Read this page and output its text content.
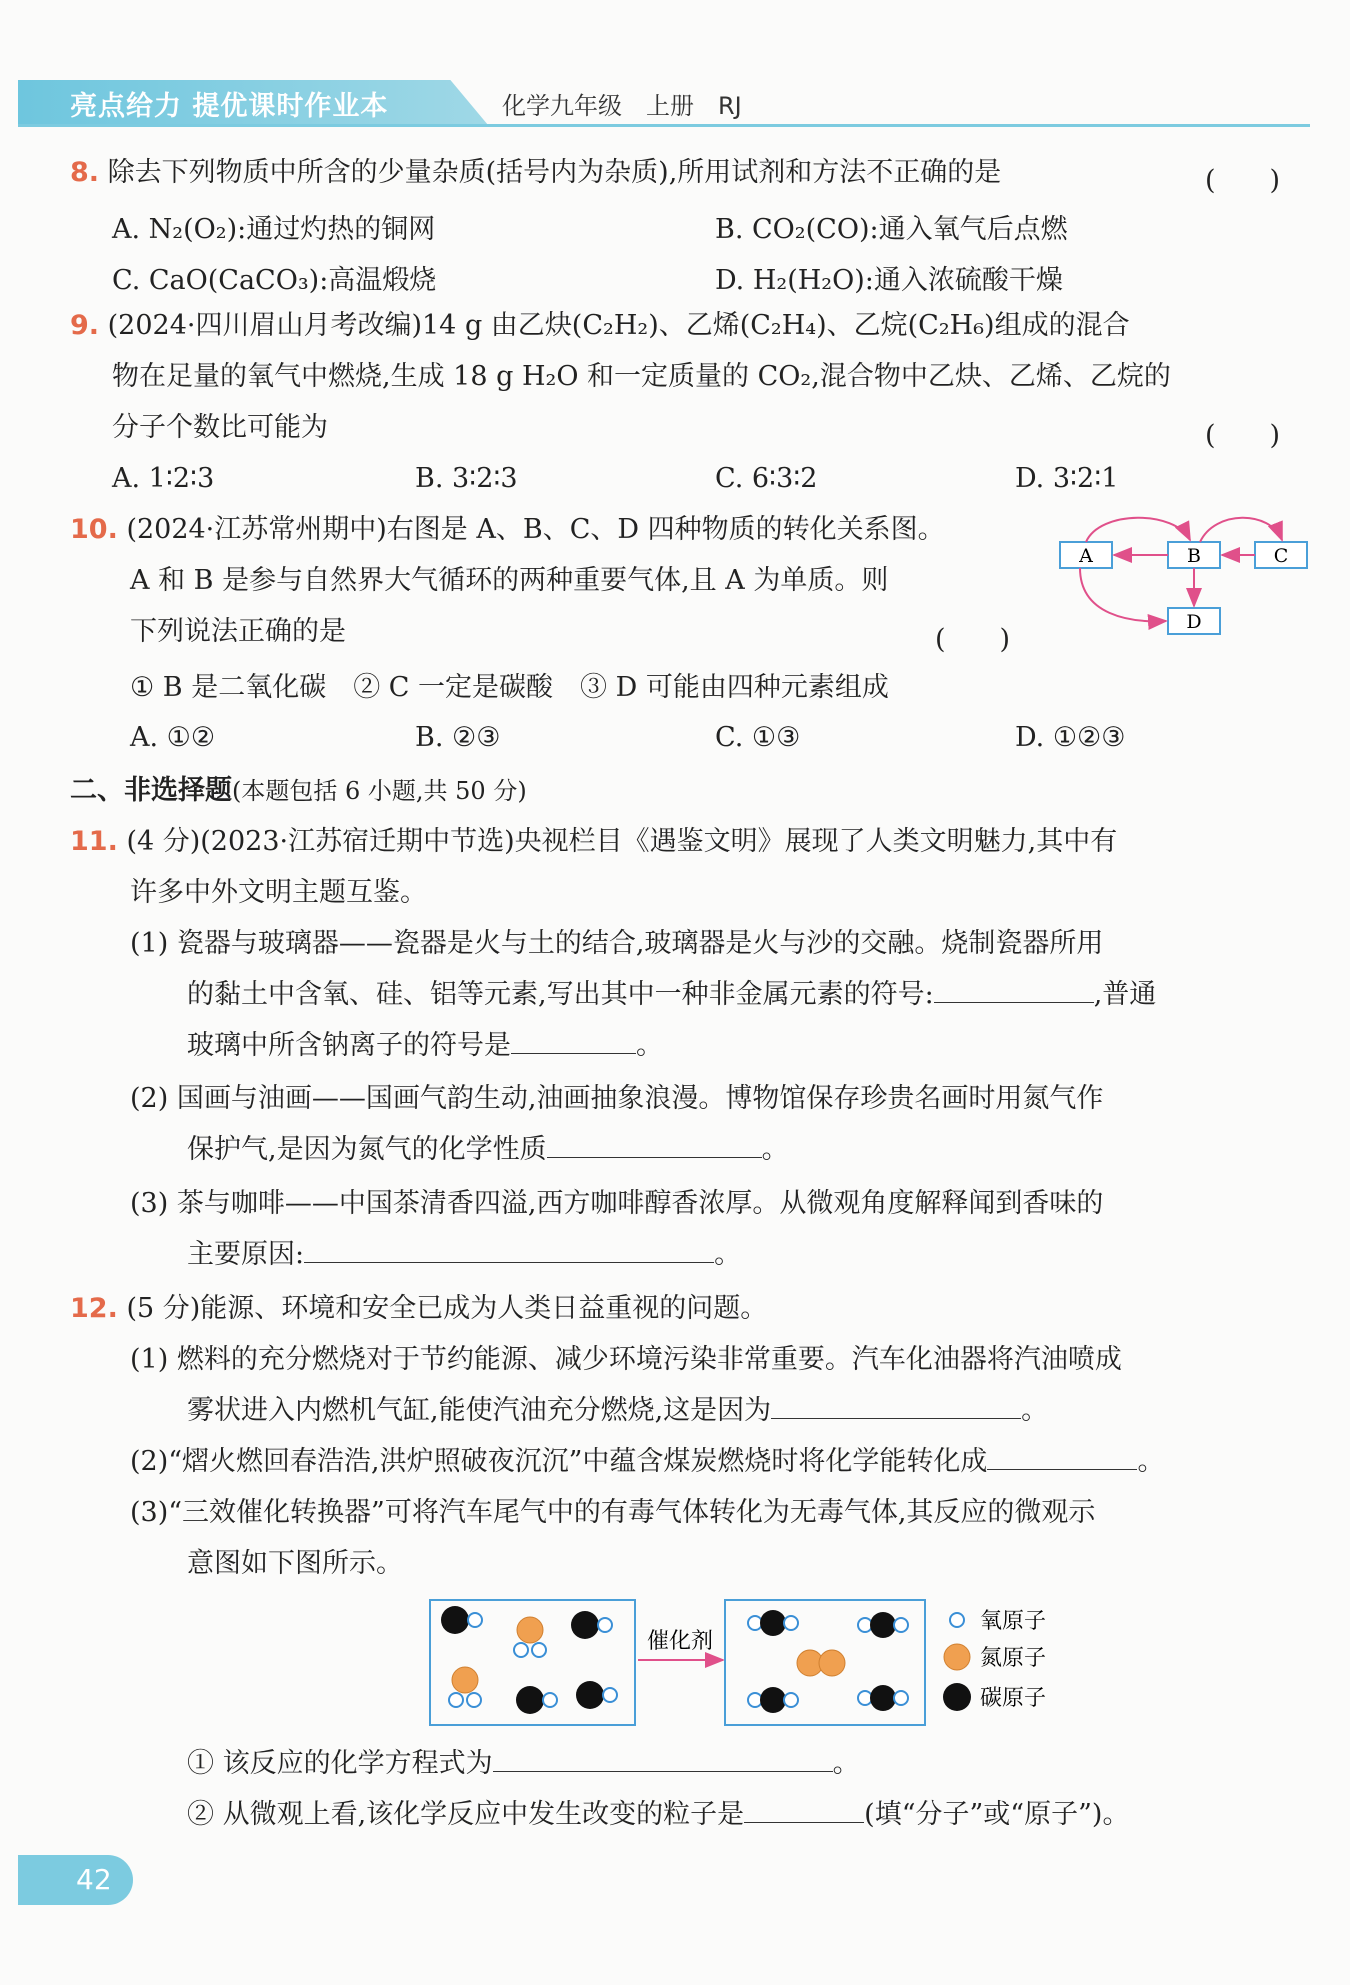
亮点给力 提优课时作业本	化学九年级　上册　RJ
8. 除去下列物质中所含的少量杂质(括号内为杂质),所用试剂和方法不正确的是	(　　)
A. N₂(O₂):通过灼热的铜网	B. CO₂(CO):通入氧气后点燃
C. CaO(CaCO₃):高温煅烧	D. H₂(H₂O):通入浓硫酸干燥
9. (2024·四川眉山月考改编)14 g 由乙炔(C₂H₂)、乙烯(C₂H₄)、乙烷(C₂H₆)组成的混合
物在足量的氧气中燃烧,生成 18 g H₂O 和一定质量的 CO₂,混合物中乙炔、乙烯、乙烷的
分子个数比可能为	(　　)
A. 1∶2∶3	B. 3∶2∶3	C. 6∶3∶2	D. 3∶2∶1
10. (2024·江苏常州期中)右图是 A、B、C、D 四种物质的转化关系图。
A 和 B 是参与自然界大气循环的两种重要气体,且 A 为单质。则
下列说法正确的是	(　　)
① B 是二氧化碳　② C 一定是碳酸　③ D 可能由四种元素组成
A. ①②	B. ②③	C. ①③	D. ①②③
A	B	C
D
二、非选择题(本题包括 6 小题,共 50 分)
11. (4 分)(2023·江苏宿迁期中节选)央视栏目《遇鉴文明》展现了人类文明魅力,其中有
许多中外文明主题互鉴。
(1) 瓷器与玻璃器——瓷器是火与土的结合,玻璃器是火与沙的交融。烧制瓷器所用
的黏土中含氧、硅、铝等元素,写出其中一种非金属元素的符号:	,普通
玻璃中所含钠离子的符号是	。
(2) 国画与油画——国画气韵生动,油画抽象浪漫。博物馆保存珍贵名画时用氮气作
保护气,是因为氮气的化学性质	。
(3) 茶与咖啡——中国茶清香四溢,西方咖啡醇香浓厚。从微观角度解释闻到香味的
主要原因:	。
12. (5 分)能源、环境和安全已成为人类日益重视的问题。
(1) 燃料的充分燃烧对于节约能源、减少环境污染非常重要。汽车化油器将汽油喷成
雾状进入内燃机气缸,能使汽油充分燃烧,这是因为	。
(2)“熠火燃回春浩浩,洪炉照破夜沉沉”中蕴含煤炭燃烧时将化学能转化成	。
(3)“三效催化转换器”可将汽车尾气中的有毒气体转化为无毒气体,其反应的微观示
意图如下图所示。
催化剂
氧原子
氮原子
碳原子
① 该反应的化学方程式为	。
② 从微观上看,该化学反应中发生改变的粒子是	(填“分子”或“原子”)。
42
